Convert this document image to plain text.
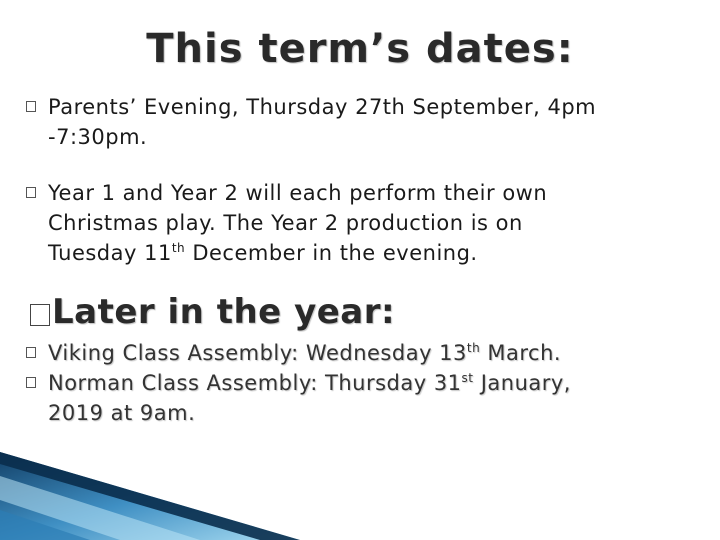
This term’s dates:
Parents’ Evening, Thursday 27th September, 4pm
-7:30pm.
Year 1 and Year 2 will each perform their own
Christmas play. The Year 2 production is on
Tuesday 11th December in the evening.
Later in the year:
Viking Class Assembly: Wednesday 13th March.
Norman Class Assembly: Thursday 31st January,
2019 at 9am.
